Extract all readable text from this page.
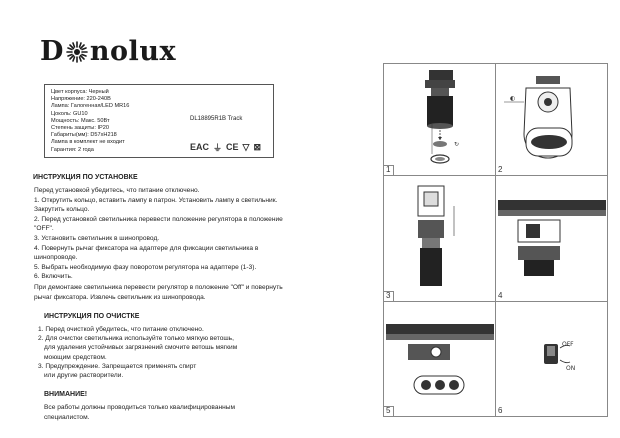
D nolux
Цвет корпуса: Черный
Напряжение: 220-240В
Лампа: Галогенная/LED MR16
Цоколь: GU10
Мощность: Макс. 50Вт
Степень защиты: IP20
Габариты(мм): D57xH218
Лампа в комплект не входит
Гарантия: 2 года
DL18895R1B Track
EAC ⏚ CE ▽ ⊠
ИНСТРУКЦИЯ ПО УСТАНОВКЕ
Перед установкой убедитесь, что питание отключено.
1. Открутить кольцо, вставить лампу в патрон. Установить лампу в светильник.
Закрутить кольцо.
2. Перед установкой светильника перевести положение регулятора в положение
"OFF".
3. Установить светильник в шинопровод.
4. Повернуть рычаг фиксатора на адаптере для фиксации светильника в
шинопроводе.
5. Выбрать необходимую фазу поворотом регулятора на адаптере (1-3).
6. Включить.
При демонтаже светильника перевести регулятор в положение "Off" и повернуть
рычаг фиксатора. Извлечь светильник из шинопровода.
ИНСТРУКЦИЯ ПО ОЧИСТКЕ
1. Перед очисткой убедитесь, что питание отключено.
2. Для очистки светильника используйте только мягкую ветошь,
для удаления устойчивых загрязнений смочите ветошь мягким
моющим средством.
3. Предупреждение. Запрещается применять спирт
или другие растворители.
ВНИМАНИЕ!
Все работы должны проводиться только квалифицированным
специалистом.
↻
1
◐
2
3	4
5
OFF
ON
6
